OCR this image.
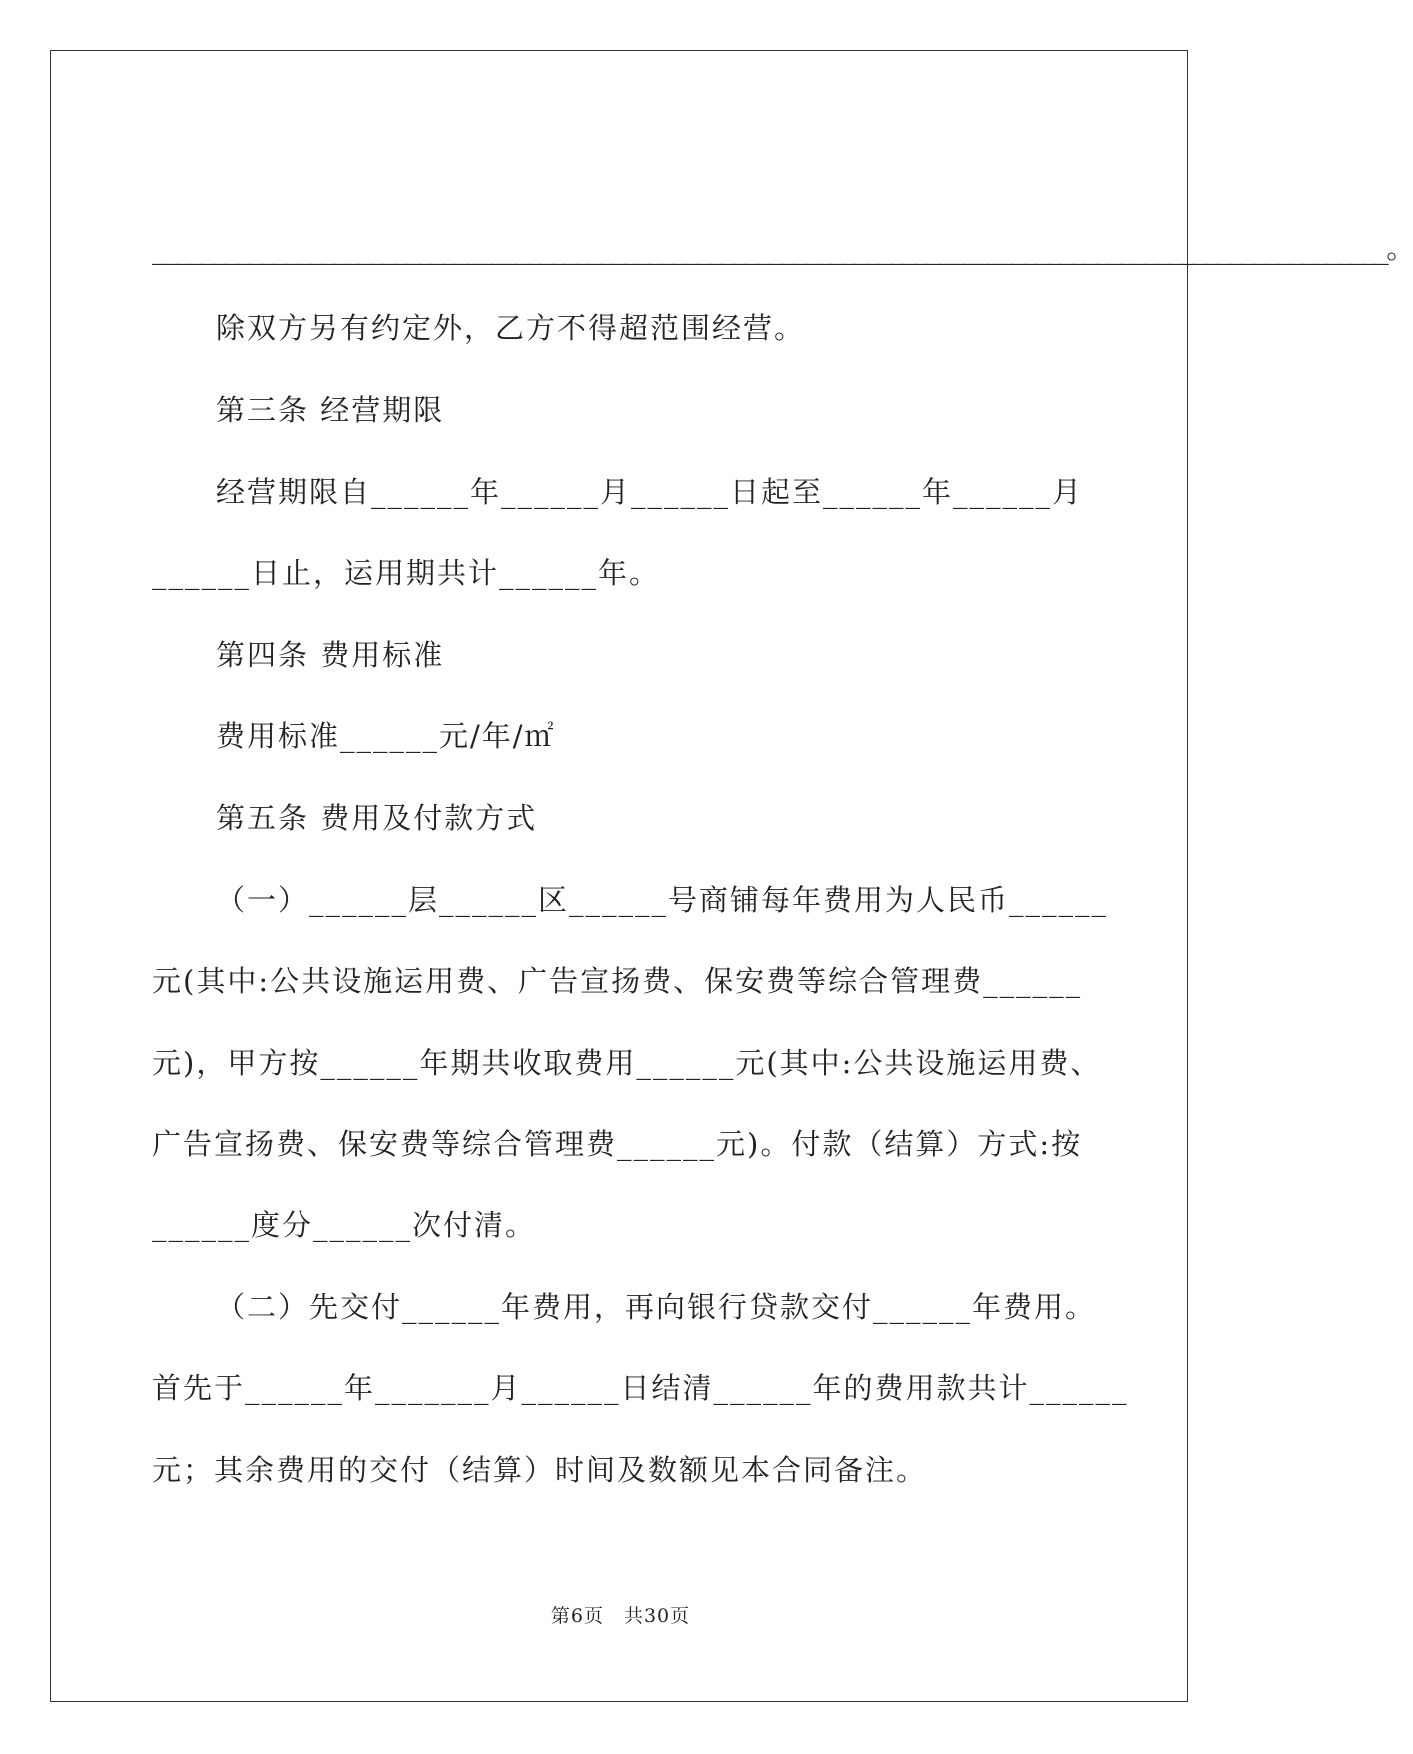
______________________________________________________________________________________________________。
除双方另有约定外，乙方不得超范围经营。
第三条 经营期限
经营期限自______年______月______日起至______年______月
______日止，运用期共计______年。
第四条 费用标准
费用标准______元/年/㎡
第五条 费用及付款方式
（一）______层______区______号商铺每年费用为人民币______
元(其中:公共设施运用费、广告宣扬费、保安费等综合管理费______
元)，甲方按______年期共收取费用______元(其中:公共设施运用费、
广告宣扬费、保安费等综合管理费______元)。付款（结算）方式:按
______度分______次付清。
（二）先交付______年费用，再向银行贷款交付______年费用。
首先于______年_______月______日结清______年的费用款共计______
元；其余费用的交付（结算）时间及数额见本合同备注。
第6页　共30页
